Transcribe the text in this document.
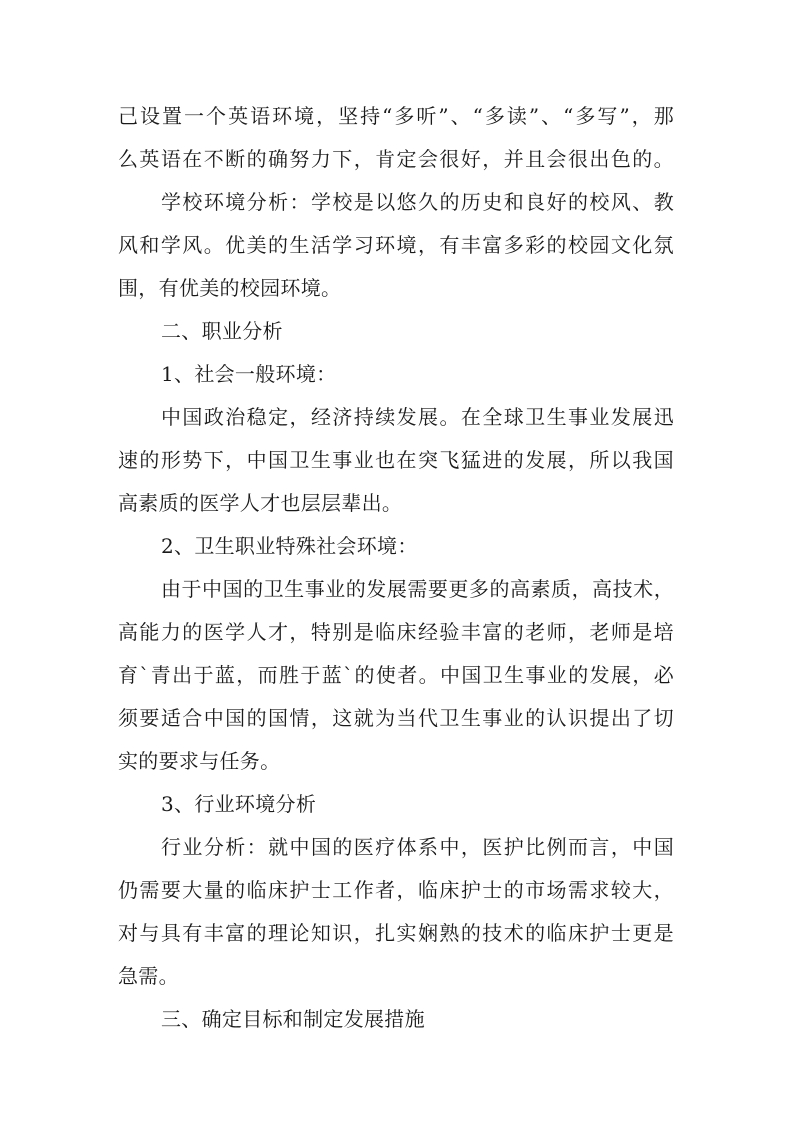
己设置一个英语环境，坚持“多听”、“多读”、“多写”，那
么英语在不断的确努力下，肯定会很好，并且会很出色的。
学校环境分析：学校是以悠久的历史和良好的校风、教
风和学风。优美的生活学习环境，有丰富多彩的校园文化氛
围，有优美的校园环境。
二、职业分析
1、社会一般环境：
中国政治稳定，经济持续发展。在全球卫生事业发展迅
速的形势下，中国卫生事业也在突飞猛进的发展，所以我国
高素质的医学人才也层层辈出。
2、卫生职业特殊社会环境：
由于中国的卫生事业的发展需要更多的高素质，高技术，
高能力的医学人才，特别是临床经验丰富的老师，老师是培
育`青出于蓝，而胜于蓝`的使者。中国卫生事业的发展，必
须要适合中国的国情，这就为当代卫生事业的认识提出了切
实的要求与任务。
3、行业环境分析
行业分析：就中国的医疗体系中，医护比例而言，中国
仍需要大量的临床护士工作者，临床护士的市场需求较大，
对与具有丰富的理论知识，扎实娴熟的技术的临床护士更是
急需。
三、确定目标和制定发展措施
